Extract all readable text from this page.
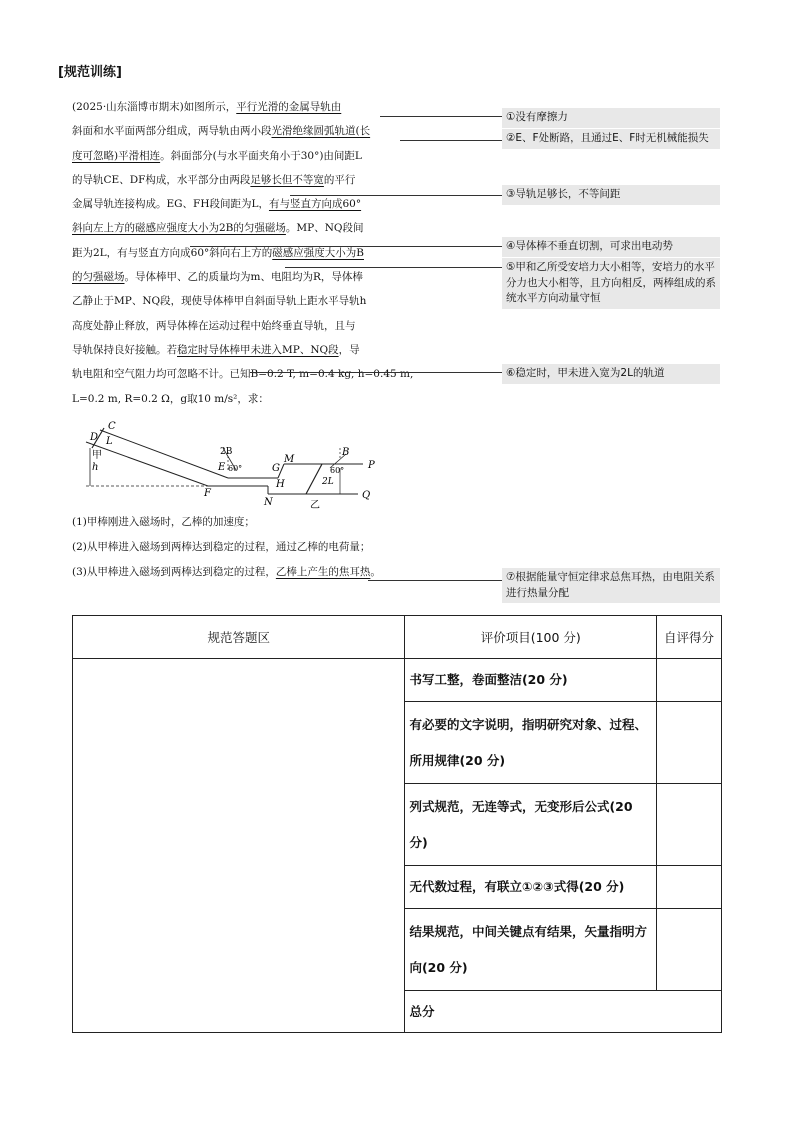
[规范训练]
(2025·山东淄博市期末)如图所示，平行光滑的金属导轨由
斜面和水平面两部分组成，两导轨由两小段光滑绝缘圆弧轨道(长
度可忽略)平滑相连。斜面部分(与水平面夹角小于30°)由间距L
的导轨CE、DF构成，水平部分由两段足够长但不等宽的平行
金属导轨连接构成。EG、FH段间距为L，有与竖直方向成60°
斜向左上方的磁感应强度大小为2B的匀强磁场。MP、NQ段间
距为2L，有与竖直方向成60°斜向右上方的磁感应强度大小为B
的匀强磁场。导体棒甲、乙的质量均为m、电阻均为R，导体棒
乙静止于MP、NQ段，现使导体棒甲自斜面导轨上距水平导轨h
高度处静止释放，两导体棒在运动过程中始终垂直导轨，且与
导轨保持良好接触。若稳定时导体棒甲未进入MP、NQ段，导
轨电阻和空气阻力均可忽略不计。已知B=0.2 T, m=0.4 kg, h=0.45 m,
L=0.2 m, R=0.2 Ω，g取10 m/s²，求：
①没有摩擦力
②E、F处断路，且通过E、F时无机械能损失
③导轨足够长，不等间距
④导体棒不垂直切割，可求出电动势
⑤甲和乙所受安培力大小相等，安培力的水平分力也大小相等，且方向相反，两棒组成的系统水平方向动量守恒
⑥稳定时，甲未进入宽为2L的轨道
⑦根据能量守恒定律求总焦耳热，由电阻关系进行热量分配
C
D L
甲
h	E
F
2B
60°	G
H
M
N
B
60°
2L
乙
P
Q
(1)甲棒刚进入磁场时，乙棒的加速度；
(2)从甲棒进入磁场到两棒达到稳定的过程，通过乙棒的电荷量；
(3)从甲棒进入磁场到两棒达到稳定的过程，乙棒上产生的焦耳热。
规范答题区	评价项目(100 分)	自评得分
	书写工整，卷面整洁(20 分)	
	有必要的文字说明，指明研究对象、过程、所用规律(20 分)	
	列式规范，无连等式，无变形后公式(20 分)	
	无代数过程，有联立①②③式得(20 分)	
	结果规范，中间关键点有结果，矢量指明方向(20 分)	
	总分	
